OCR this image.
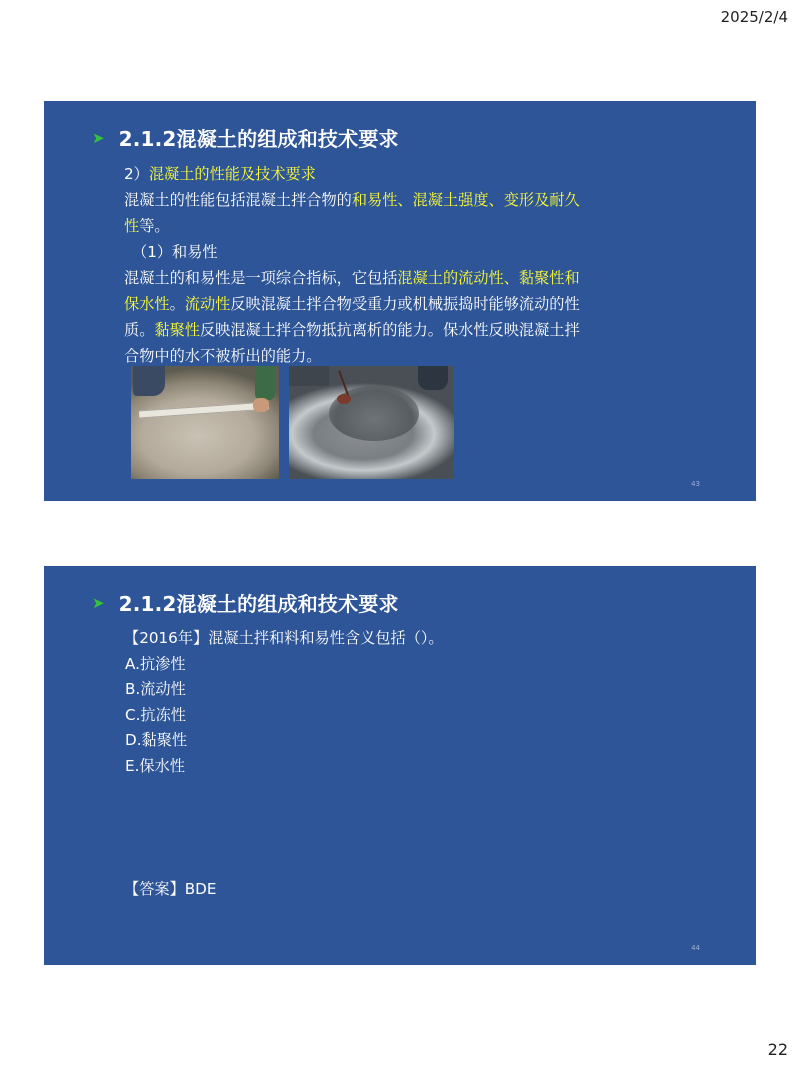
2025/2/4
➤ 2.1.2混凝土的组成和技术要求

2）混凝土的性能及技术要求

混凝土的性能包括混凝土拌合物的和易性、混凝土强度、变形及耐久性等。

（1）和易性

混凝土的和易性是一项综合指标，它包括混凝土的流动性、黏聚性和保水性。流动性反映混凝土拌合物受重力或机械振捣时能够流动的性质。黏聚性反映混凝土拌合物抵抗离析的能力。保水性反映混凝土拌合物中的水不被析出的能力。

43
➤ 2.1.2混凝土的组成和技术要求

【2016年】混凝土拌和料和易性含义包括（）。

A.抗渗性

B.流动性

C.抗冻性

D.黏聚性

E.保水性

【答案】BDE
44
22
